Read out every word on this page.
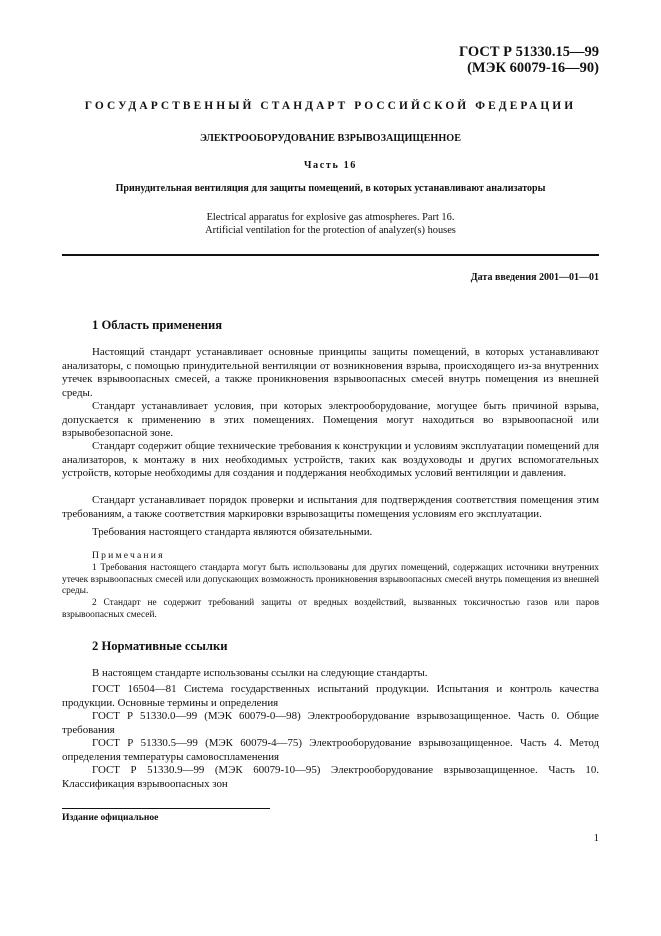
ГОСТ Р 51330.15—99
(МЭК 60079-16—90)
ГОСУДАРСТВЕННЫЙ СТАНДАРТ РОССИЙСКОЙ ФЕДЕРАЦИИ
ЭЛЕКТРООБОРУДОВАНИЕ ВЗРЫВОЗАЩИЩЕННОЕ
Часть 16
Принудительная вентиляция для защиты помещений, в которых устанавливают анализаторы
Electrical apparatus for explosive gas atmospheres. Part 16.
Artificial ventilation for the protection of analyzer(s) houses
Дата введения 2001—01—01
1 Область применения

Настоящий стандарт устанавливает основные принципы защиты помещений, в которых устанавливают анализаторы, с помощью принудительной вентиляции от возникновения взрыва, происходящего из-за внутренних утечек взрывоопасных смесей, а также проникновения взрывоопасных смесей внутрь помещения из внешней среды.

Стандарт устанавливает условия, при которых электрооборудование, могущее быть причиной взрыва, допускается к применению в этих помещениях. Помещения могут находиться во взрывоопасной или взрывобезопасной зоне.

Стандарт содержит общие технические требования к конструкции и условиям эксплуатации помещений для анализаторов, к монтажу в них необходимых устройств, таких как воздуховоды и других вспомогательных устройств, которые необходимы для создания и поддержания необходимых условий вентиляции и давления.

Стандарт устанавливает порядок проверки и испытания для подтверждения соответствия помещения этим требованиям, а также соответствия маркировки взрывозащиты помещения условиям его эксплуатации.

Требования настоящего стандарта являются обязательными.

Примечания

1 Требования настоящего стандарта могут быть использованы для других помещений, содержащих источники внутренних утечек взрывоопасных смесей или допускающих возможность проникновения взрывоопасных смесей внутрь помещения из внешней среды.

2 Стандарт не содержит требований защиты от вредных воздействий, вызванных токсичностью газов или паров взрывоопасных смесей.

2 Нормативные ссылки

В настоящем стандарте использованы ссылки на следующие стандарты.

ГОСТ 16504—81 Система государственных испытаний продукции. Испытания и контроль качества продукции. Основные термины и определения

ГОСТ Р 51330.0—99 (МЭК 60079-0—98) Электрооборудование взрывозащищенное. Часть 0. Общие требования

ГОСТ Р 51330.5—99 (МЭК 60079-4—75) Электрооборудование взрывозащищенное. Часть 4. Метод определения температуры самовоспламенения

ГОСТ Р 51330.9—99 (МЭК 60079-10—95) Электрооборудование взрывозащищенное. Часть 10. Классификация взрывоопасных зон

Издание официальное
1
